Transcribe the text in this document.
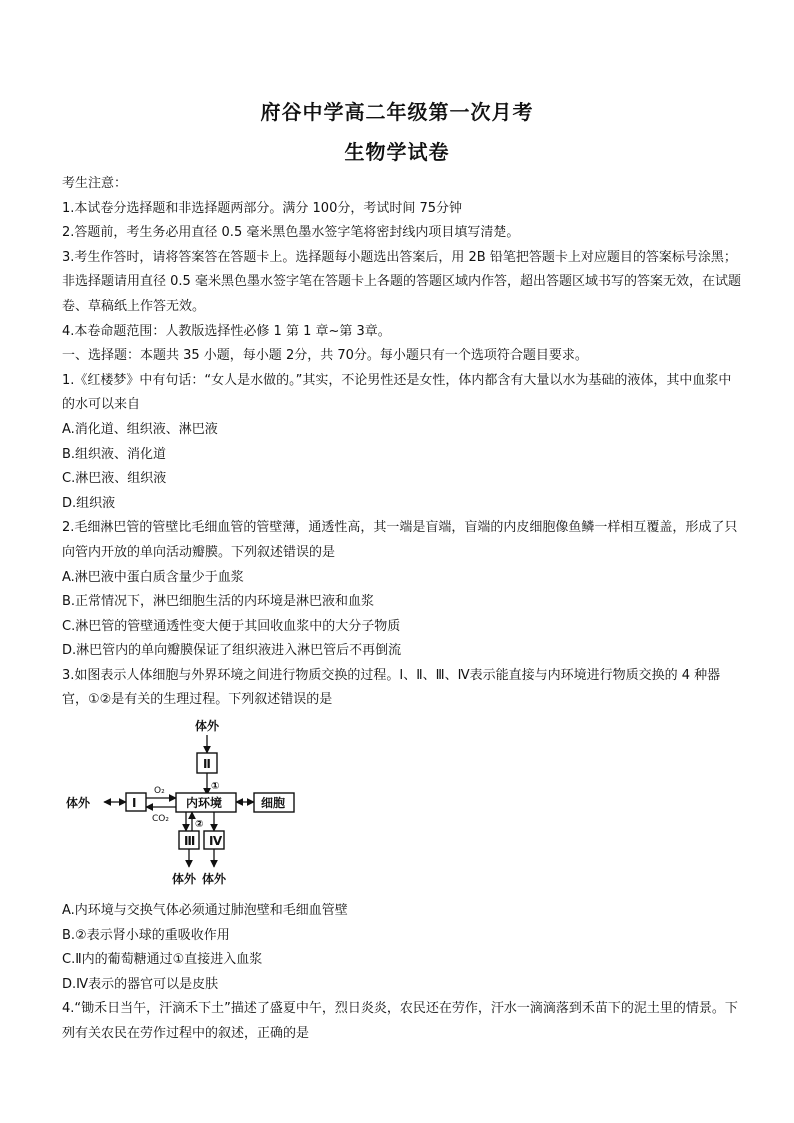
府谷中学高二年级第一次月考
生物学试卷

考生注意：

1.本试卷分选择题和非选择题两部分。满分 100分，考试时间 75分钟

2.答题前，考生务必用直径 0.5 毫米黑色墨水签字笔将密封线内项目填写清楚。

3.考生作答时，请将答案答在答题卡上。选择题每小题选出答案后，用 2B 铅笔把答题卡上对应题目的答案标号涂黑；非选择题请用直径 0.5 毫米黑色墨水签字笔在答题卡上各题的答题区域内作答，超出答题区域书写的答案无效，在试题卷、草稿纸上作答无效。

4.本卷命题范围：人教版选择性必修 1 第 1 章~第 3章。

一、选择题：本题共 35 小题，每小题 2分，共 70分。每小题只有一个选项符合题目要求。

1.《红楼梦》中有句话：“女人是水做的。”其实，不论男性还是女性，体内都含有大量以水为基础的液体，其中血浆中的水可以来自

A.消化道、组织液、淋巴液

B.组织液、消化道

C.淋巴液、组织液

D.组织液

2.毛细淋巴管的管壁比毛细血管的管壁薄，通透性高，其一端是盲端，盲端的内皮细胞像鱼鳞一样相互覆盖，形成了只向管内开放的单向活动瓣膜。下列叙述错误的是

A.淋巴液中蛋白质含量少于血浆

B.正常情况下，淋巴细胞生活的内环境是淋巴液和血浆

C.淋巴管的管壁通透性变大便于其回收血浆中的大分子物质

D.淋巴管内的单向瓣膜保证了组织液进入淋巴管后不再倒流

3.如图表示人体细胞与外界环境之间进行物质交换的过程。Ⅰ、Ⅱ、Ⅲ、Ⅳ表示能直接与内环境进行物质交换的 4 种器官，①②是有关的生理过程。下列叙述错误的是

体外
Ⅱ
①
体外	Ⅰ
O₂
CO₂
内环境	细胞
②
Ⅲ Ⅳ
体外 体外

A.内环境与交换气体必须通过肺泡壁和毛细血管壁

B.②表示肾小球的重吸收作用

C.Ⅱ内的葡萄糖通过①直接进入血浆

D.Ⅳ表示的器官可以是皮肤

4.“锄禾日当午，汗滴禾下土”描述了盛夏中午，烈日炎炎，农民还在劳作，汗水一滴滴落到禾苗下的泥土里的情景。下列有关农民在劳作过程中的叙述，正确的是
